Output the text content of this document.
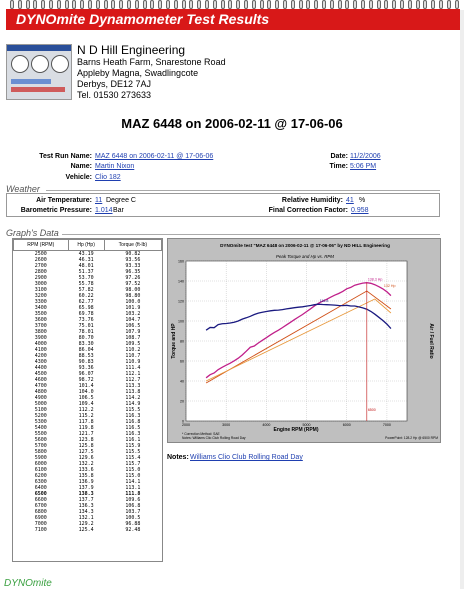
DYNOmite Dynamometer Test Results
N D Hill Engineering
Barns Heath Farm, Snarestone Road
Appleby Magna, Swadlingcote
Derbys, DE12 7AJ
Tel. 01530 273633
MAZ 6448 on 2006-02-11 @ 17-06-06
Test Run Name: MAZ 6448 on 2006-02-11 @ 17-06-06
Name: Martin Nixon
Vehicle: Clio 182
Date: 11/2/2006
Time: 5:06 PM
Weather
Air Temperature: 11 Degree C
Barometric Pressure: 1.014 Bar
Relative Humidity: 41 %
Final Correction Factor: 0.958
Graph's Data
RPM (RPM)	Hp (Hp)	Torque (ft-lb)
2500	43.19	90.82
2600	46.31	93.56
2700	48.01	93.33
2800	51.37	96.35
2900	53.70	97.26
3000	55.78	97.52
3100	57.82	98.00
3200	60.22	98.80
3300	62.77	100.0
3400	65.98	101.9
3500	69.78	103.2
3600	73.76	104.7
3700	75.01	106.5
3800	78.01	107.9
3900	80.70	108.7
4000	83.30	109.5
4100	86.04	110.2
4200	88.53	110.7
4300	90.83	110.9
4400	93.36	111.4
4500	96.07	112.1
4600	98.72	112.7
4700	101.4	113.3
4800	104.0	113.8
4900	106.5	114.2
5000	109.4	114.9
5100	112.2	115.5
5200	115.2	116.3
5300	117.8	116.8
5400	119.8	116.5
5500	121.7	116.3
5600	123.8	116.1
5700	125.8	115.9
5800	127.5	115.5
5900	129.6	115.4
6000	132.2	115.7
6100	133.6	115.0
6200	135.8	115.0
6300	136.9	114.1
6400	137.9	113.1
6500	138.3	111.8
6600	137.7	109.6
6700	136.3	106.8
6800	134.3	103.7
6900	132.1	100.5
7000	129.2	96.88
7100	125.4	92.48
DYNOmite test "MAZ 6448 on 2006-02-11 @ 17-06-06" by ND HILL Engineering
Peak Torque and Hp vs. RPM
0
20
40
60
80
100
120
140
160
2000	3000	4000	5000	6000	7000
138.3 Hp
116.8
132 Hp
6500
Torque and HP	Air / Fuel Ratio
Engine RPM (RPM)
* Correction Method: SAE
Notes: Williams Clio Club Rolling Road Day	PowerPoint: 128.2 Hp @ 6500 RPM
Notes: Williams Clio Club Rolling Road Day
DYNOmite
